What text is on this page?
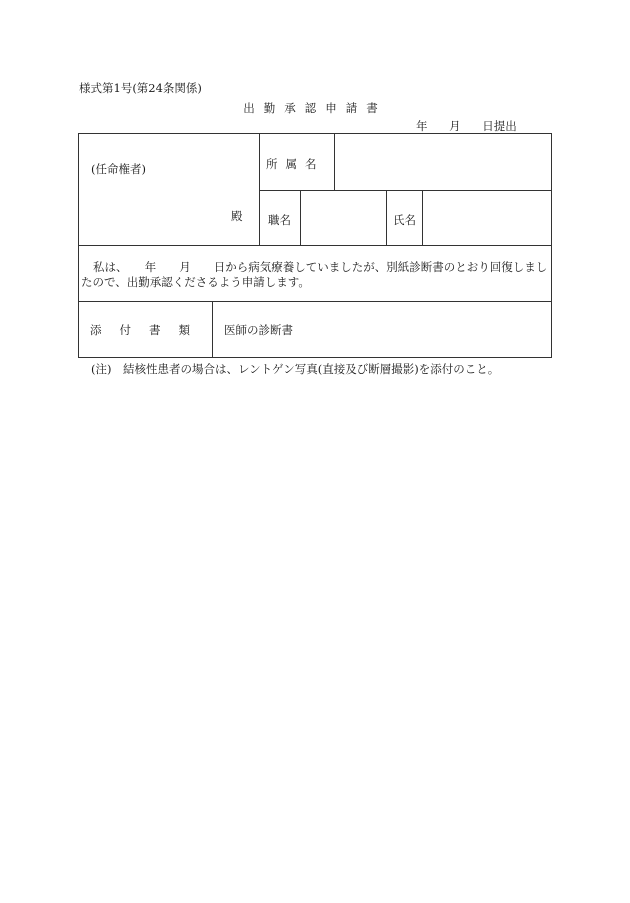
様式第1号(第24条関係)
出勤承認申請書
年 月 日提出
(任命権者)
殿
所属名
職名	氏名
私は、　　年　　月　　日から病気療養していましたが、別紙診断書のとおり回復しましたので、出勤承認くださるよう申請します。
添付書類 医師の診断書
(注)　結核性患者の場合は、レントゲン写真(直接及び断層撮影)を添付のこと。
